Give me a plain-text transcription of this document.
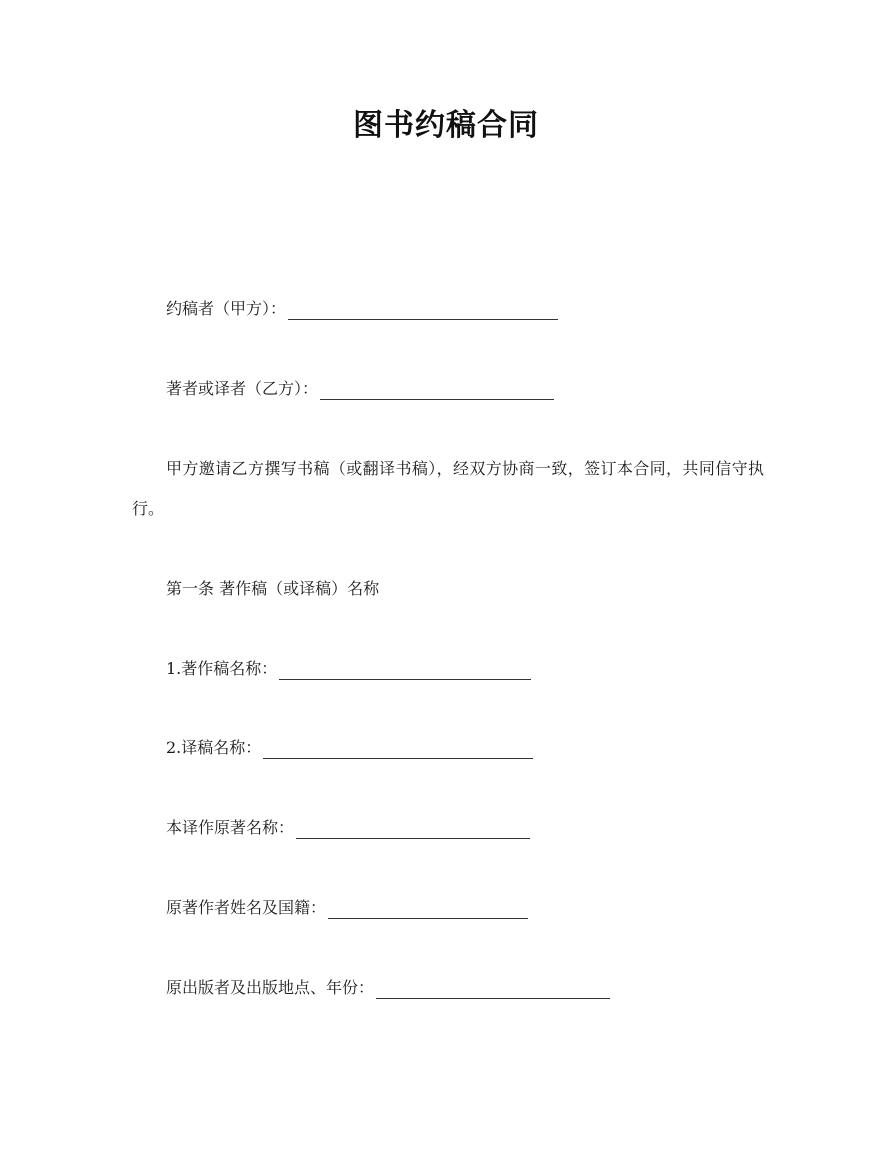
图书约稿合同
约稿者（甲方）：
著者或译者（乙方）：
甲方邀请乙方撰写书稿（或翻译书稿），经双方协商一致，签订本合同，共同信守执行。
第一条 著作稿（或译稿）名称
1.著作稿名称：
2.译稿名称：
本译作原著名称：
原著作者姓名及国籍：
原出版者及出版地点、年份：
